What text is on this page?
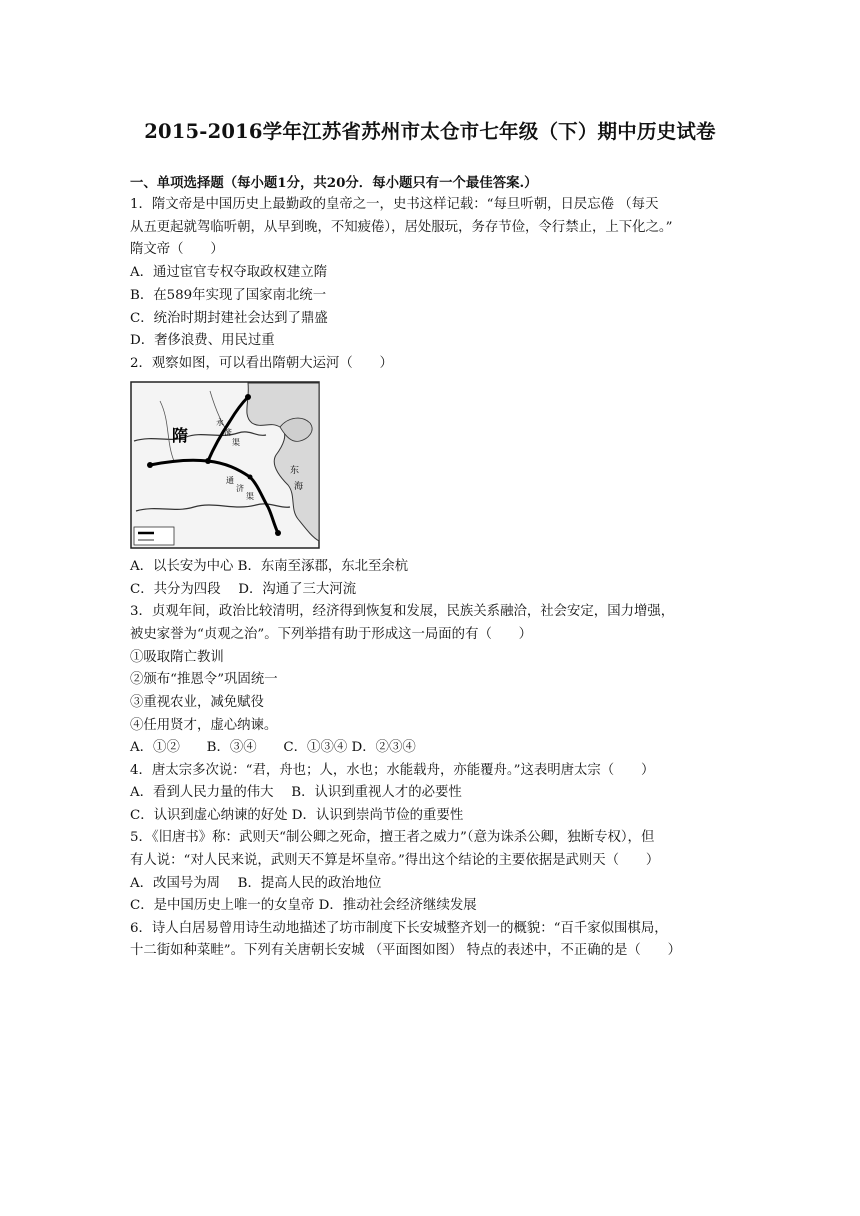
2015-2016学年江苏省苏州市太仓市七年级（下）期中历史试卷
一、单项选择题（每小题1分，共20分．每小题只有一个最佳答案.）
1．隋文帝是中国历史上最勤政的皇帝之一，史书这样记载：“每旦听朝，日昃忘倦 （每天
从五更起就驾临听朝，从早到晚，不知疲倦），居处服玩，务存节俭，令行禁止，上下化之。”
隋文帝（　　）
A．通过宦官专权夺取政权建立隋
B．在589年实现了国家南北统一
C．统治时期封建社会达到了鼎盛
D．奢侈浪费、用民过重
2．观察如图，可以看出隋朝大运河（　　）
隋
东
海
通
济
渠
永
济
渠
A．以长安为中心 B．东南至涿郡，东北至余杭
C．共分为四段　 D．沟通了三大河流
3．贞观年间，政治比较清明，经济得到恢复和发展，民族关系融洽，社会安定，国力增强，
被史家誉为“贞观之治”。下列举措有助于形成这一局面的有（　　）
①吸取隋亡教训
②颁布“推恩令”巩固统一
③重视农业，减免赋役
④任用贤才，虚心纳谏。
A．①②　　B．③④　　C．①③④ D．②③④
4．唐太宗多次说：“君，舟也；人，水也；水能载舟，亦能覆舟。”这表明唐太宗（　　）
A．看到人民力量的伟大　 B．认识到重视人才的必要性
C．认识到虚心纳谏的好处 D．认识到崇尚节俭的重要性
5．《旧唐书》称：武则天“制公卿之死命，擅王者之威力”（意为诛杀公卿，独断专权），但
有人说：“对人民来说，武则天不算是坏皇帝。”得出这个结论的主要依据是武则天（　　）
A．改国号为周　 B．提高人民的政治地位
C．是中国历史上唯一的女皇帝 D．推动社会经济继续发展
6．诗人白居易曾用诗生动地描述了坊市制度下长安城整齐划一的概貌：“百千家似围棋局，
十二街如种菜畦”。下列有关唐朝长安城 （平面图如图） 特点的表述中，不正确的是（　　）
